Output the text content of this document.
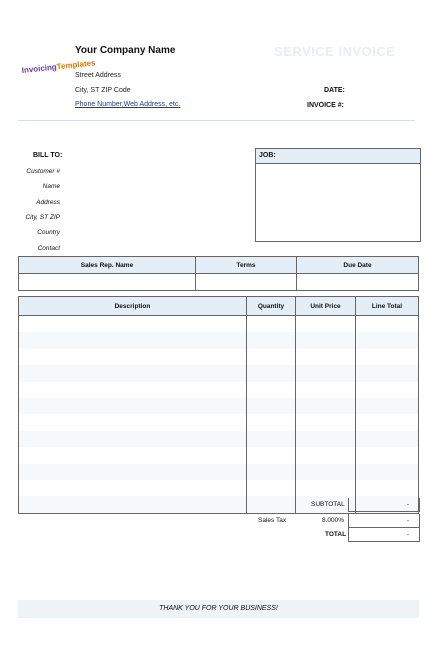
InvoicingTemplates
Your Company Name
Street Address
City, ST ZIP Code
Phone Number,Web Address, etc.
SERVICE INVOICE
DATE:
INVOICE #:
BILL TO:
Customer #
Name
Address
City, ST ZIP
Country
Contact
JOB:
Sales Rep. Name	Terms	Due Date

Description	Quantity	Unit Price	Line Total

SUBTOTAL	-
Sales Tax	8.000%	-
TOTAL	-
THANK YOU FOR YOUR BUSINESS!
